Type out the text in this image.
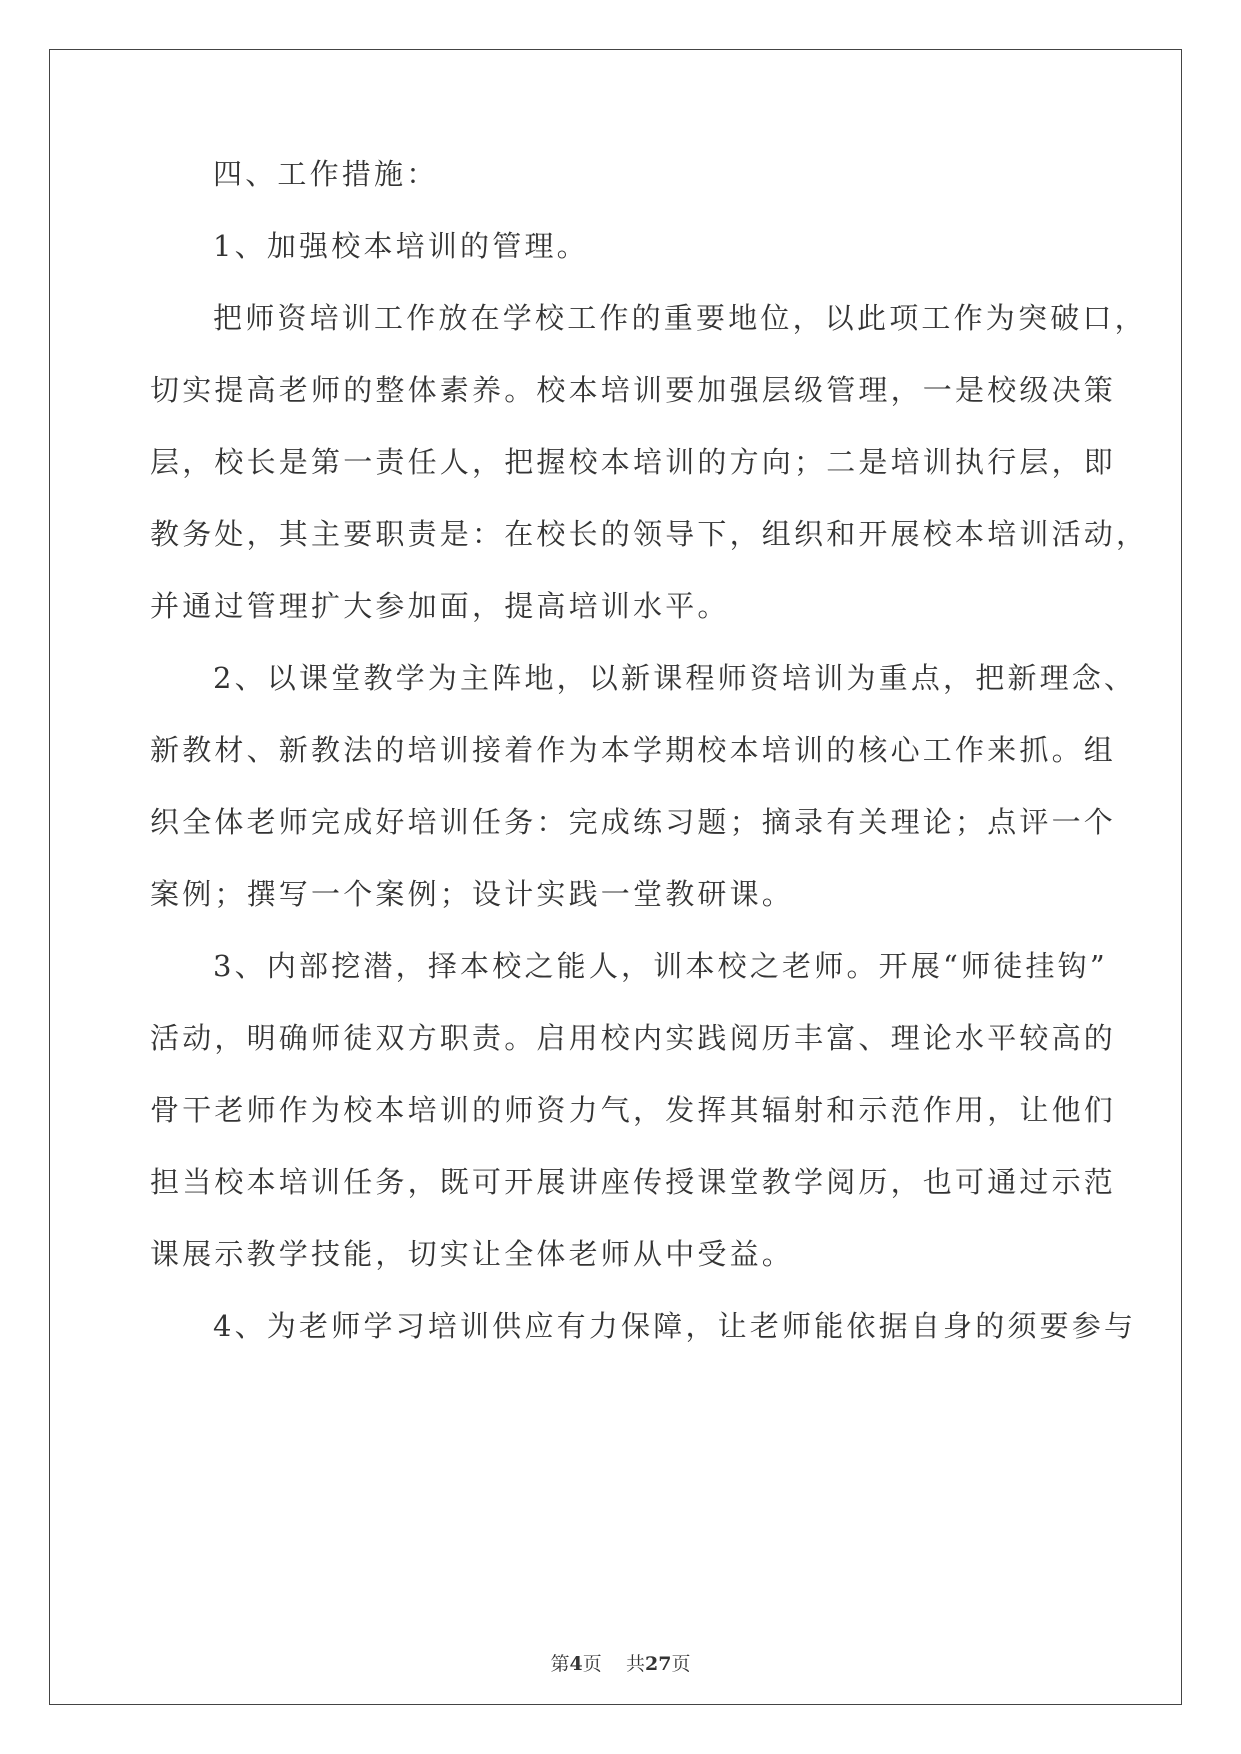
四、工作措施：
1、加强校本培训的管理。
把师资培训工作放在学校工作的重要地位，以此项工作为突破口，
切实提高老师的整体素养。校本培训要加强层级管理，一是校级决策
层，校长是第一责任人，把握校本培训的方向；二是培训执行层，即
教务处，其主要职责是：在校长的领导下，组织和开展校本培训活动，
并通过管理扩大参加面，提高培训水平。
2、以课堂教学为主阵地，以新课程师资培训为重点，把新理念、
新教材、新教法的培训接着作为本学期校本培训的核心工作来抓。组
织全体老师完成好培训任务：完成练习题；摘录有关理论；点评一个
案例；撰写一个案例；设计实践一堂教研课。
3、内部挖潜，择本校之能人，训本校之老师。开展“师徒挂钩”
活动，明确师徒双方职责。启用校内实践阅历丰富、理论水平较高的
骨干老师作为校本培训的师资力气，发挥其辐射和示范作用，让他们
担当校本培训任务，既可开展讲座传授课堂教学阅历，也可通过示范
课展示教学技能，切实让全体老师从中受益。
4、为老师学习培训供应有力保障，让老师能依据自身的须要参与
第4页 共27页
